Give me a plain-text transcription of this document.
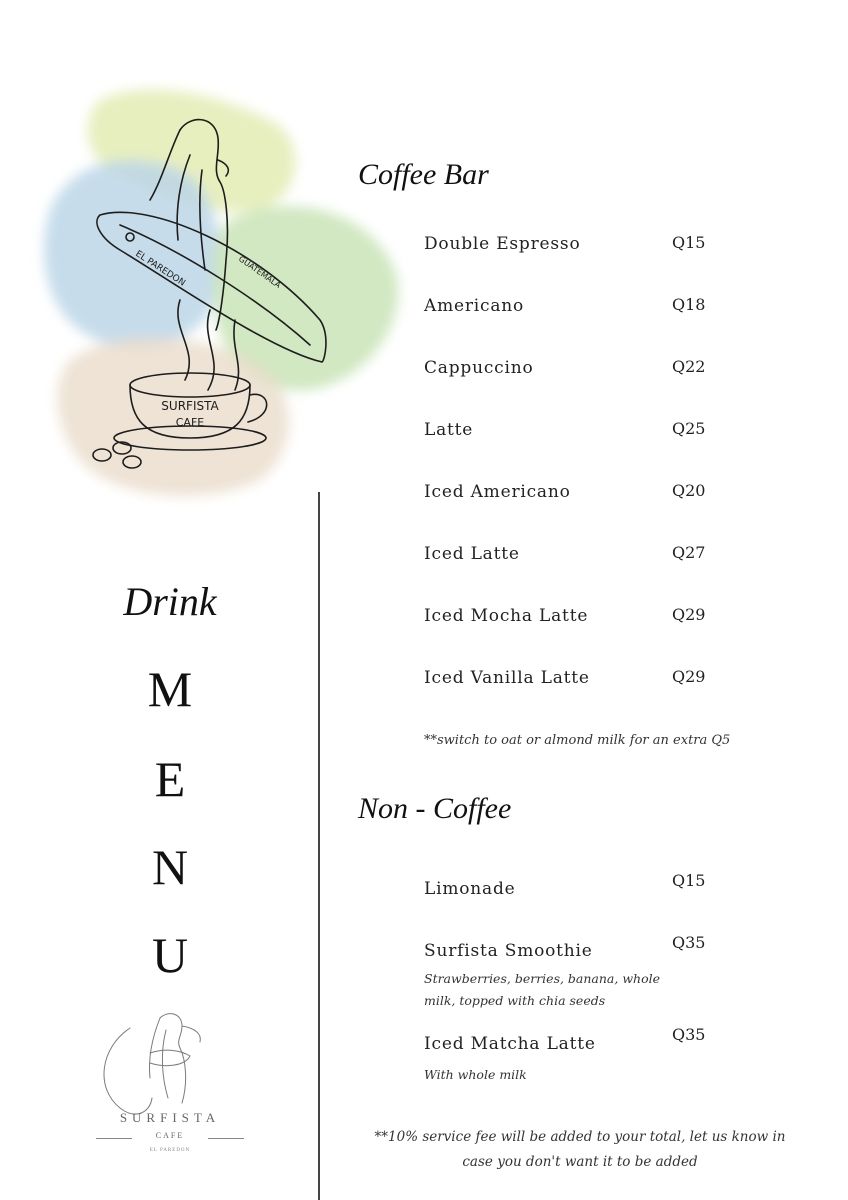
EL PAREDON	GUATEMALA
SURFISTA
CAFE
Drink
M
E
N
U
SURFISTA
CAFE
EL PAREDON
Coffee Bar
Double Espresso	Q15
Americano	Q18
Cappuccino	Q22
Latte	Q25
Iced Americano	Q20
Iced Latte	Q27
Iced Mocha Latte	Q29
Iced Vanilla Latte	Q29
**switch to oat or almond milk for an extra Q5
Non - Coffee
Limonade	Q15
Surfista Smoothie	Q35
Strawberries, berries, banana, whole
milk, topped with chia seeds
Iced Matcha Latte	Q35
With whole milk
**10% service fee will be added to your total, let us know in
case you don't want it to be added
